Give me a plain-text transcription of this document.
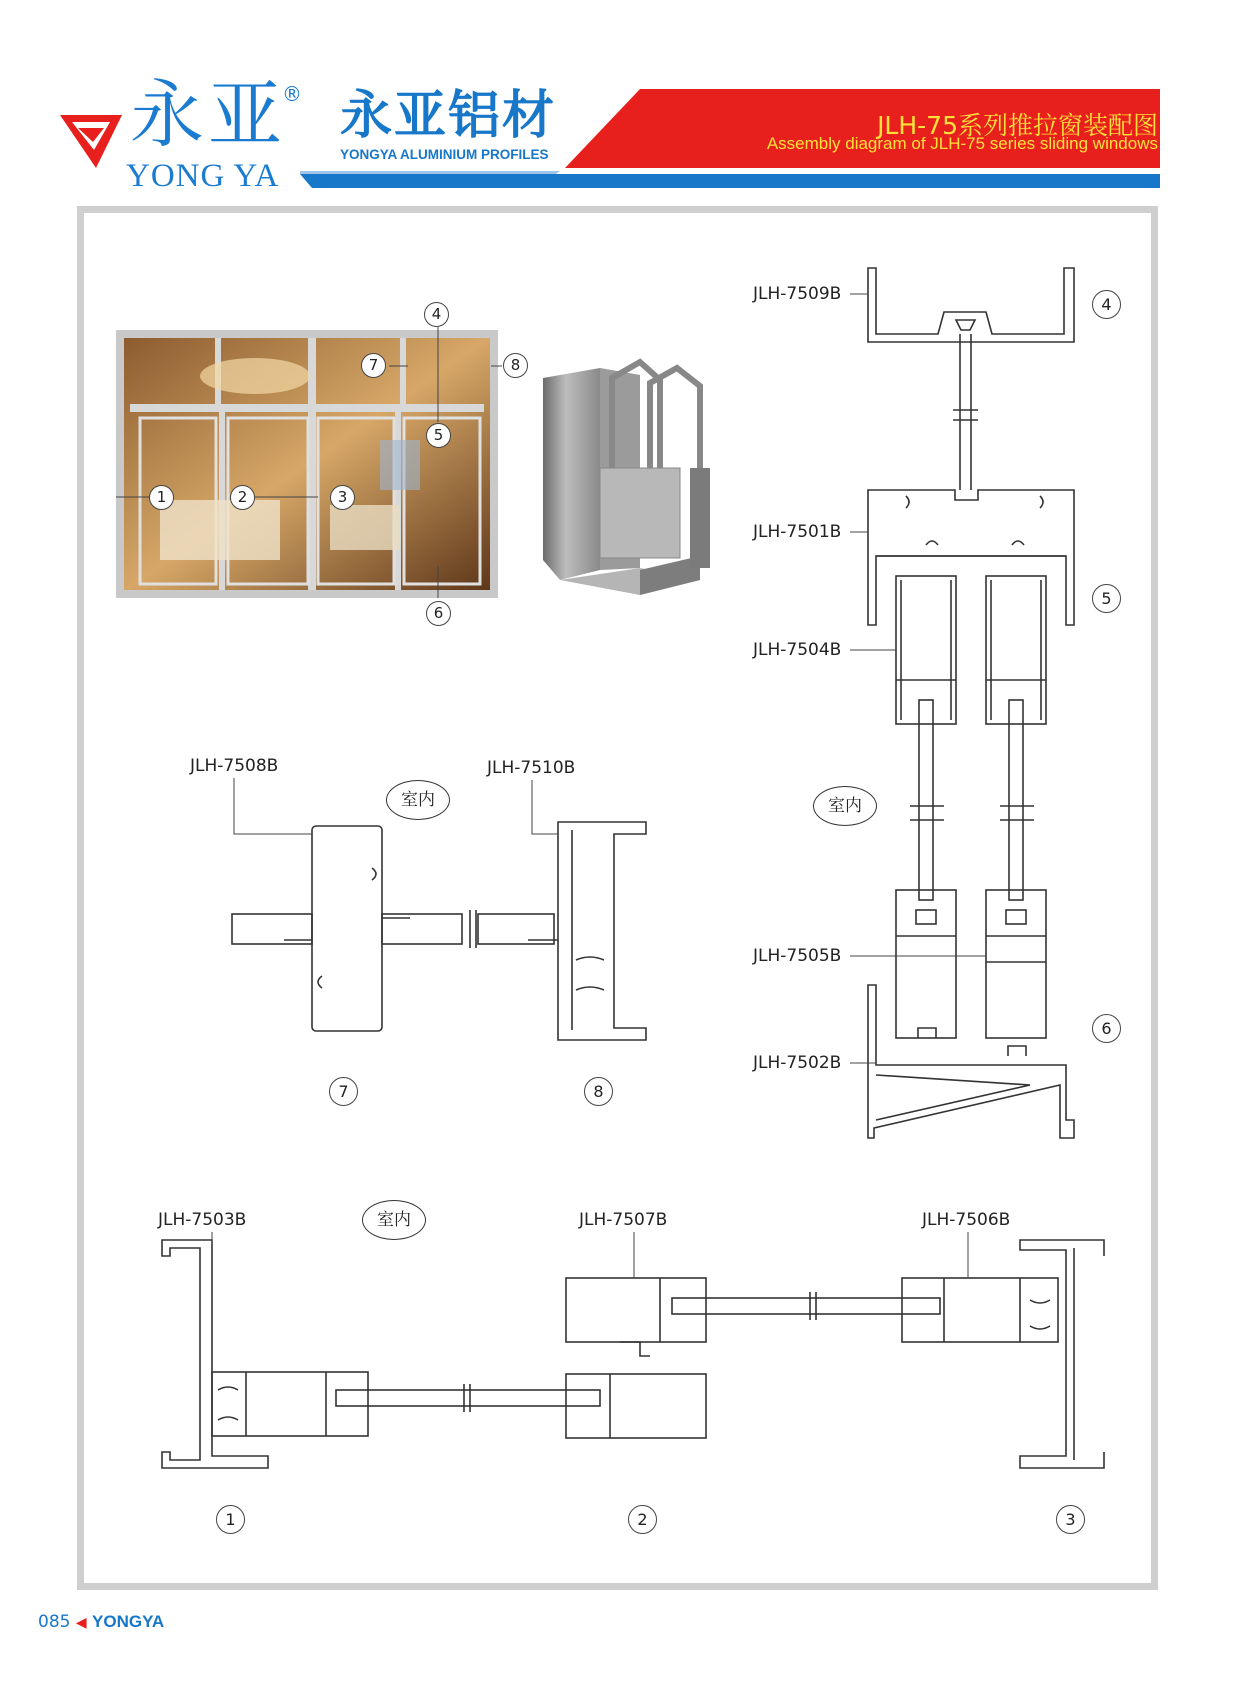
永亚
®
YONG YA
永亚铝材
YONGYA ALUMINIUM PROFILES
JLH-75系列推拉窗装配图
Assembly diagram of JLH-75 series sliding windows
4
7	8
5
1	2	3
6
JLH-7509B
JLH-7501B
JLH-7504B
JLH-7505B
JLH-7502B
4
5
6
室内
JLH-7508B	JLH-7510B
室内
7	8
JLH-7503B	JLH-7507B	JLH-7506B
室内
1	2	3
085 ◀ YONGYA
